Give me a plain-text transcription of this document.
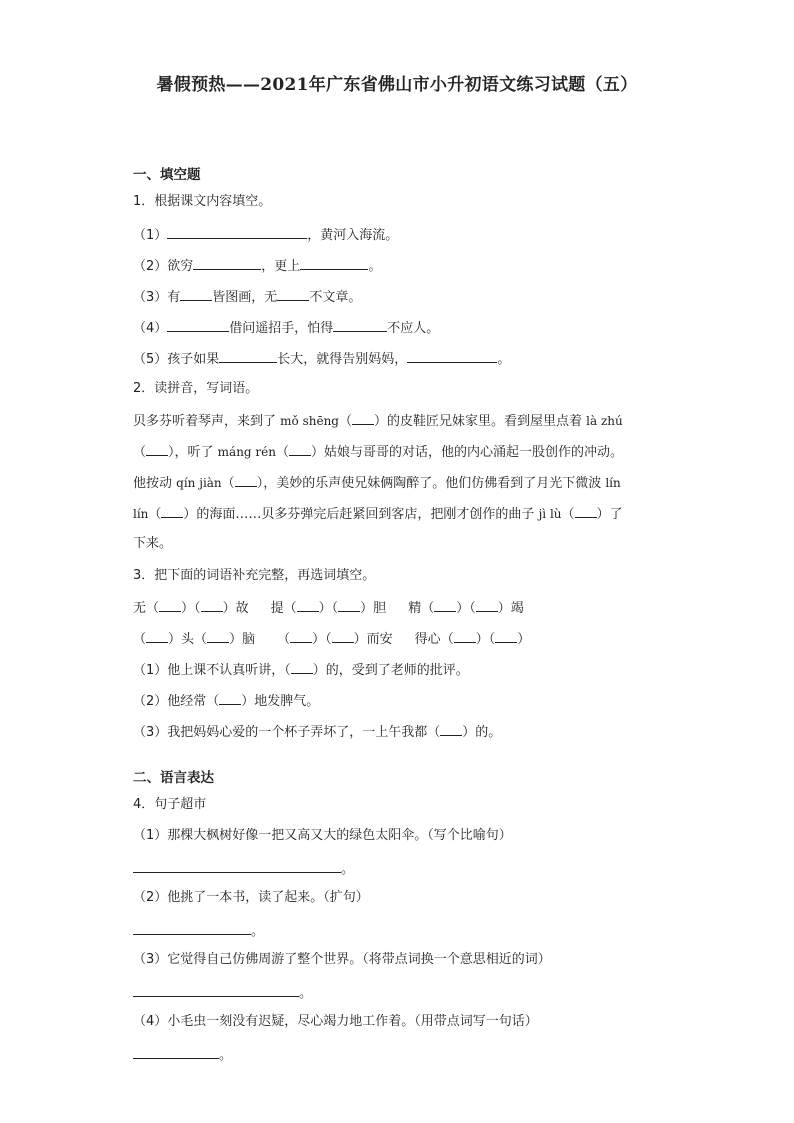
暑假预热——2021年广东省佛山市小升初语文练习试题（五）
一、填空题
1．根据课文内容填空。
（1）	，黄河入海流。
（2）欲穷	，更上	。
（3）有 皆图画，无 不文章。
（4）	借问遥招手，怕得	不应人。
（5）孩子如果	长大，就得告别妈妈，	。
2．读拼音，写词语。
贝多芬听着琴声，来到了 mǒ shēng（ ）的皮鞋匠兄妹家里。看到屋里点着 là zhú
（ ），听了 máng rén（ ）姑娘与哥哥的对话，他的内心涌起一股创作的冲动。
他按动 qín jiàn（ ），美妙的乐声使兄妹俩陶醉了。他们仿佛看到了月光下微波 lín
lín（ ）的海面……贝多芬弹完后赶紧回到客店，把刚才创作的曲子 jì lù（ ）了
下来。
3．把下面的词语补充完整，再选词填空。
无（ ）（ ）故 提（ ）（ ）胆 精（ ）（ ）竭
（ ）头（ ）脑 （ ）（ ）而安 得心（ ）（ ）
（1）他上课不认真听讲，（ ）的，受到了老师的批评。
（2）他经常（ ）地发脾气。
（3）我把妈妈心爱的一个杯子弄坏了，一上午我都（ ）的。
二、语言表达
4．句子超市
（1）那棵大枫树好像一把又高又大的绿色太阳伞。（写个比喻句）
。
（2）他挑了一本书，读了起来。（扩句）
。
（3）它觉得自己仿佛周游了整个世界。（将带点词换一个意思相近的词）
。
（4）小毛虫一刻没有迟疑，尽心竭力地工作着。（用带点词写一句话）
。
